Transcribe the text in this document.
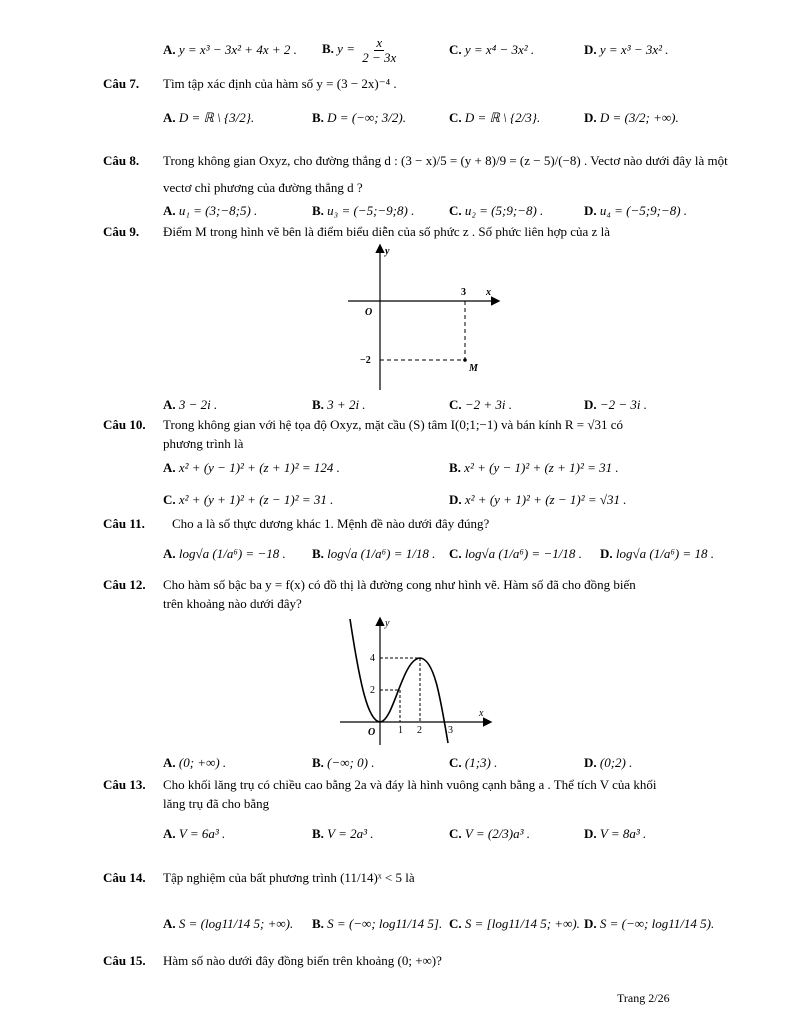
A. y = x³ − 3x² + 4x + 2 . B. $y = \frac{x}{2 - 3x}$	C. y = x⁴ − 3x² .	D. y = x³ − 3x² .
Câu 7. Tìm tập xác định của hàm số y = (3 − 2x)⁻⁴ .
A. D = ℝ \ {3/2}.	B. D = (−∞; 3/2).	C. D = ℝ \ {2/3}.	D. D = (3/2; +∞).
Câu 8. Trong không gian Oxyz, cho đường thẳng d : (3 − x)/5 = (y + 8)/9 = (z − 5)/(−8) . Vectơ nào dưới đây là một
vectơ chỉ phương của đường thẳng d ?
A. u₁ = (3;−8;5) .	B. u₃ = (−5;−9;8) .	C. u₂ = (5;9;−8) .	D. u₄ = (−5;9;−8) .
Câu 9. Điểm M trong hình vẽ bên là điểm biểu diễn của số phức z . Số phức liên hợp của z là
y
x
3
O
−2
M
A. 3 − 2i .	B. 3 + 2i .	C. −2 + 3i .	D. −2 − 3i .
Câu 10. Trong không gian với hệ tọa độ Oxyz, mặt cầu (S) tâm I(0;1;−1) và bán kính R = √31 có
phương trình là
A. x² + (y − 1)² + (z + 1)² = 124 .	B. x² + (y − 1)² + (z + 1)² = 31 .
C. x² + (y + 1)² + (z − 1)² = 31 .	D. x² + (y + 1)² + (z − 1)² = √31 .
Câu 11. Cho a là số thực dương khác 1. Mệnh đề nào dưới đây đúng?
A. log√a (1/a⁶) = −18 . B. log√a (1/a⁶) = 1/18 . C. log√a (1/a⁶) = −1/18 . D. log√a (1/a⁶) = 18 .
Câu 12. Cho hàm số bậc ba y = f(x) có đồ thị là đường cong như hình vẽ. Hàm số đã cho đồng biến
trên khoảng nào dưới đây?
y
x
4
2
O 1 2	3
A. (0; +∞) .	B. (−∞; 0) .	C. (1;3) .	D. (0;2) .
Câu 13. Cho khối lăng trụ có chiều cao bằng 2a và đáy là hình vuông cạnh bằng a . Thể tích V của khối
lăng trụ đã cho bằng
A. V = 6a³ .	B. V = 2a³ .	C. V = (2/3)a³ .	D. V = 8a³ .
Câu 14. Tập nghiệm của bất phương trình (11/14)ˣ < 5 là
A. S = (log11/14 5; +∞). B. S = (−∞; log11/14 5]. C. S = [log11/14 5; +∞). D. S = (−∞; log11/14 5).
Câu 15. Hàm số nào dưới đây đồng biến trên khoảng (0; +∞)?
Trang 2/26
